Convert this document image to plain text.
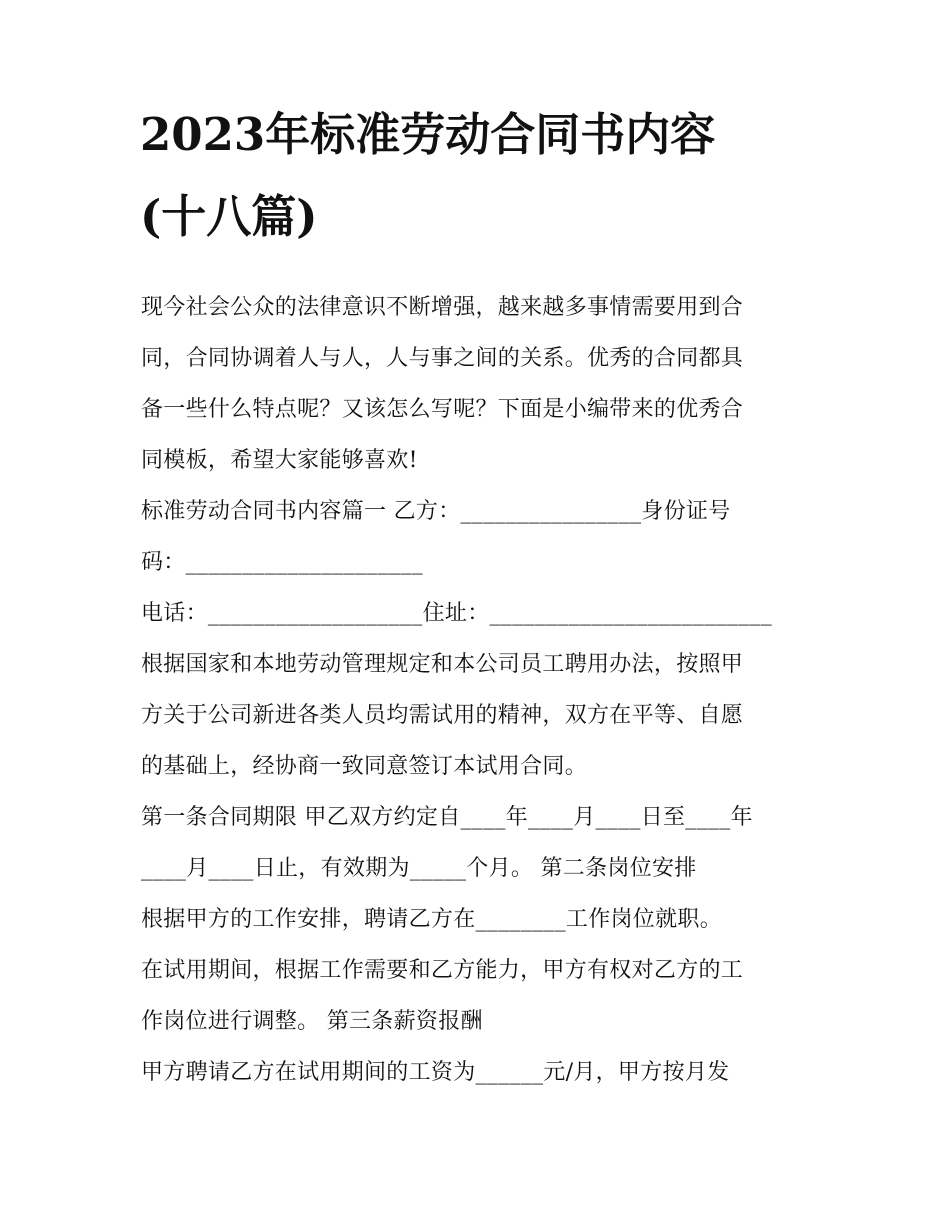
2023年标准劳动合同书内容
(十八篇)
现今社会公众的法律意识不断增强，越来越多事情需要用到合
同，合同协调着人与人，人与事之间的关系。优秀的合同都具
备一些什么特点呢？又该怎么写呢？下面是小编带来的优秀合
同模板，希望大家能够喜欢!
标准劳动合同书内容篇一 乙方：________________身份证号
码：_____________________
电话：___________________住址：_________________________
根据国家和本地劳动管理规定和本公司员工聘用办法，按照甲
方关于公司新进各类人员均需试用的精神，双方在平等、自愿
的基础上，经协商一致同意签订本试用合同。
第一条合同期限 甲乙双方约定自____年____月____日至____年
____月____日止，有效期为_____个月。 第二条岗位安排
根据甲方的工作安排，聘请乙方在________工作岗位就职。
在试用期间，根据工作需要和乙方能力，甲方有权对乙方的工
作岗位进行调整。 第三条薪资报酬
甲方聘请乙方在试用期间的工资为______元/月，甲方按月发
